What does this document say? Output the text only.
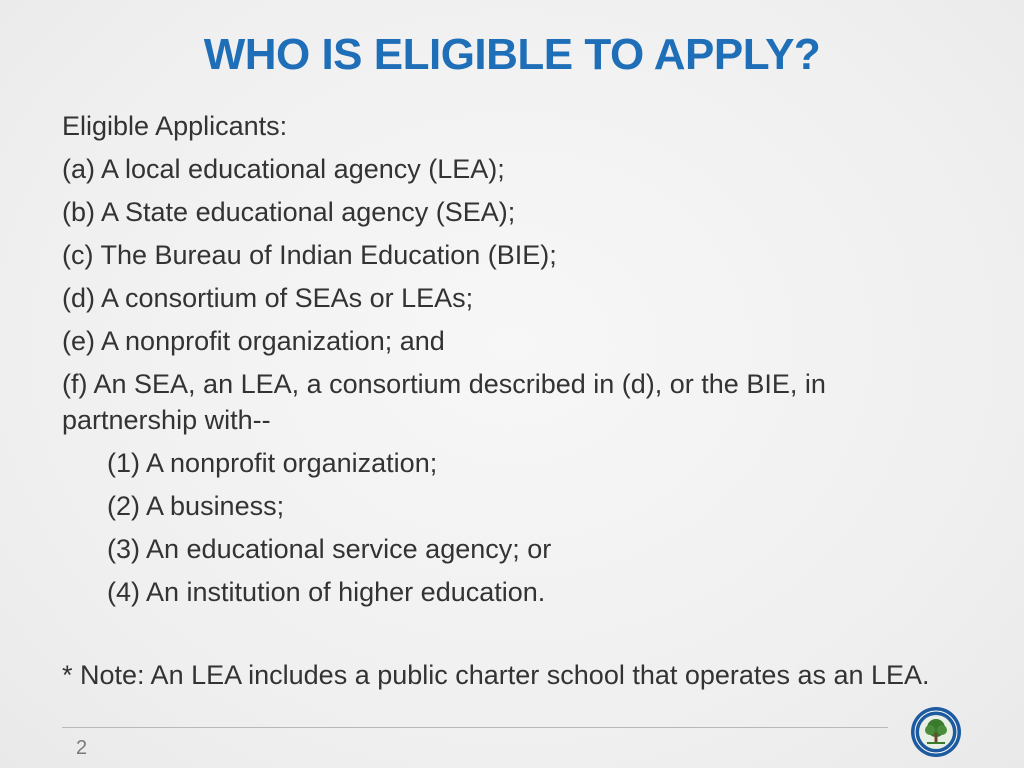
WHO IS ELIGIBLE TO APPLY?
Eligible Applicants:
(a) A local educational agency (LEA);
(b) A State educational agency (SEA);
(c) The Bureau of Indian Education (BIE);
(d) A consortium of SEAs or LEAs;
(e) A nonprofit organization; and
(f) An SEA, an LEA, a consortium described in (d), or the BIE, in partnership with--
(1) A nonprofit organization;
(2) A business;
(3) An educational service agency; or
(4) An institution of higher education.
* Note: An LEA includes a public charter school that operates as an LEA.
2
